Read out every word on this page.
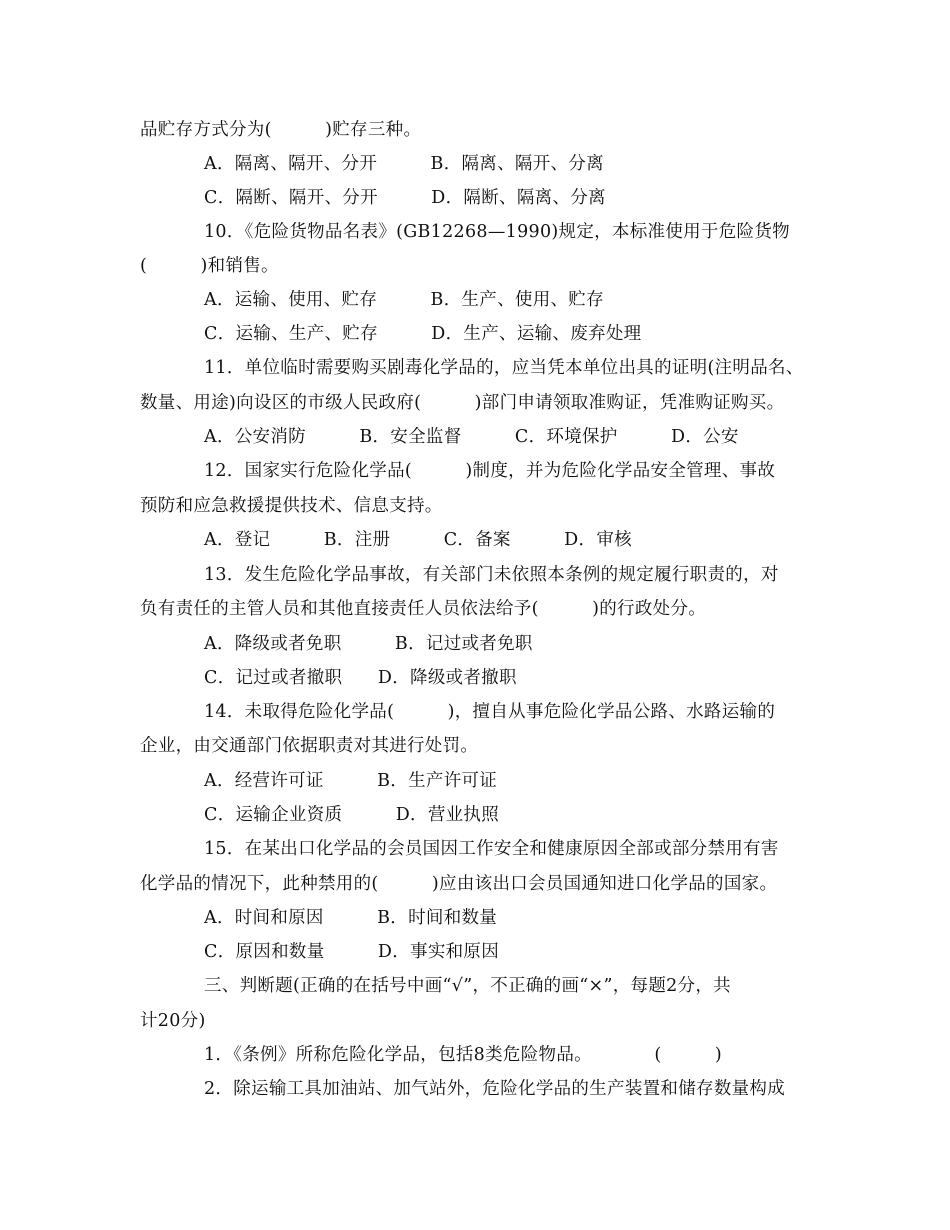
品贮存方式分为(　　　)贮存三种。
A．隔离、隔开、分开　　　B．隔离、隔开、分离
C．隔断、隔开、分开　　　D．隔断、隔离、分离
10．《危险货物品名表》(GB12268—1990)规定，本标准使用于危险货物
(　　　)和销售。
A．运输、使用、贮存　　　B．生产、使用、贮存
C．运输、生产、贮存　　　D．生产、运输、废弃处理
11．单位临时需要购买剧毒化学品的，应当凭本单位出具的证明(注明品名、
数量、用途)向设区的市级人民政府(　　　)部门申请领取准购证，凭准购证购买。
A．公安消防　　　B．安全监督　　　C．环境保护　　　D．公安
12．国家实行危险化学品(　　　)制度，并为危险化学品安全管理、事故
预防和应急救援提供技术、信息支持。
A．登记　　　B．注册　　　C．备案　　　D．审核
13．发生危险化学品事故，有关部门未依照本条例的规定履行职责的，对
负有责任的主管人员和其他直接责任人员依法给予(　　　)的行政处分。
A．降级或者免职　　　B．记过或者免职
C．记过或者撤职　　D．降级或者撤职
14．未取得危险化学品(　　　)，擅自从事危险化学品公路、水路运输的
企业，由交通部门依据职责对其进行处罚。
A．经营许可证　　　B．生产许可证
C．运输企业资质　　　D．营业执照
15．在某出口化学品的会员国因工作安全和健康原因全部或部分禁用有害
化学品的情况下，此种禁用的(　　　)应由该出口会员国通知进口化学品的国家。
A．时间和原因　　　B．时间和数量
C．原因和数量　　　D．事实和原因
三、判断题(正确的在括号中画“√”，不正确的画“×”，每题2分，共
计20分)
1．《条例》所称危险化学品，包括8类危险物品。　　　　(　　　)
2．除运输工具加油站、加气站外，危险化学品的生产装置和储存数量构成
